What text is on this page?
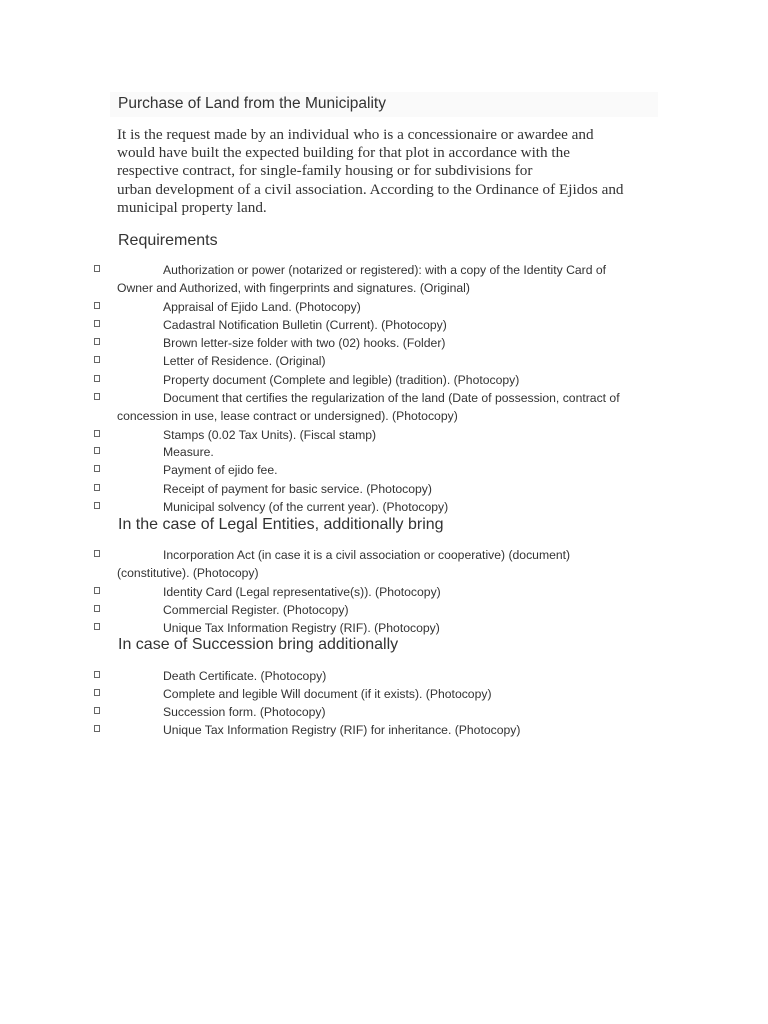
Purchase of Land from the Municipality
It is the request made by an individual who is a concessionaire or awardee and
would have built the expected building for that plot in accordance with the
respective contract, for single-family housing or for subdivisions for
urban development of a civil association. According to the Ordinance of Ejidos and
municipal property land.
Requirements
Authorization or power (notarized or registered): with a copy of the Identity Card of
Owner and Authorized, with fingerprints and signatures. (Original)
Appraisal of Ejido Land. (Photocopy)
Cadastral Notification Bulletin (Current). (Photocopy)
Brown letter-size folder with two (02) hooks. (Folder)
Letter of Residence. (Original)
Property document (Complete and legible) (tradition). (Photocopy)
Document that certifies the regularization of the land (Date of possession, contract of
concession in use, lease contract or undersigned). (Photocopy)
Stamps (0.02 Tax Units). (Fiscal stamp)
Measure.
Payment of ejido fee.
Receipt of payment for basic service. (Photocopy)
Municipal solvency (of the current year). (Photocopy)
In the case of Legal Entities, additionally bring
Incorporation Act (in case it is a civil association or cooperative) (document)
(constitutive). (Photocopy)
Identity Card (Legal representative(s)). (Photocopy)
Commercial Register. (Photocopy)
Unique Tax Information Registry (RIF). (Photocopy)
In case of Succession bring additionally
Death Certificate. (Photocopy)
Complete and legible Will document (if it exists). (Photocopy)
Succession form. (Photocopy)
Unique Tax Information Registry (RIF) for inheritance. (Photocopy)
